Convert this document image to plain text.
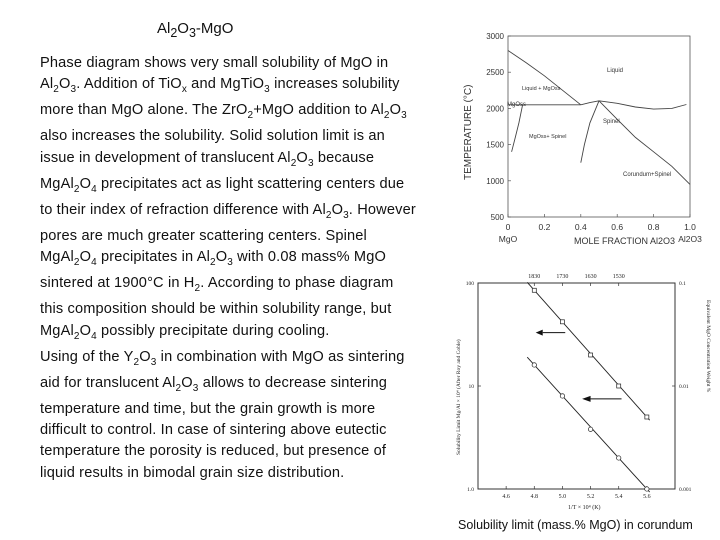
$Al_2O_3$-MgO

Phase diagram shows very small solubility of MgO in $Al_2O_3$. Addition of TiO$_x$ and MgTiO$_3$ increases solubility more than MgO alone. The ZrO$_2$+MgO addition to $Al_2O_3$ also increases the solubility. Solid solution limit is an issue in development of translucent $Al_2O_3$ because $MgAl_2O_4$ precipitates act as light scattering centers due to their index of refraction difference with $Al_2O_3$. However pores are much greater scattering centers. Spinel $MgAl_2O_4$ precipitates in $Al_2O_3$ with 0.08 mass% MgO sintered at 1900°C in $H_2$. According to phase diagram this composition should be within solubility range, but $MgAl_2O_4$ possibly precipitate during cooling.
Using of the $Y_2O_3$ in combination with MgO as sintering aid for translucent $Al_2O_3$ allows to decrease sintering temperature and time, but the grain growth is more difficult to control. In case of sintering above eutectic temperature the porosity is reduced, but presence of liquid results in bimodal grain size distribution.

3000
2500
2000
1500
1000
500
0	0.2	0.4	0.6	0.8	1.0
MgO	Al2O3
TEMPERATURE (°C)
MOLE FRACTION Al2O3
Liquid
Liquid + MgOss
MgOss
Spinel
MgOss+ Spinel
Corundum+Spinel
4.6	4.8	5.0	5.2	5.4	5.6
1830	1730	1630	1530
100
10
1.0
0.1
0.01
0.001
Solubility Limit Mg/Al × 10⁴ (After Roy and Coble)	Equivalent MgO Concentration Weight %
1/T × 10⁴ (K)
Solubility limit (mass.% MgO) in corundum
